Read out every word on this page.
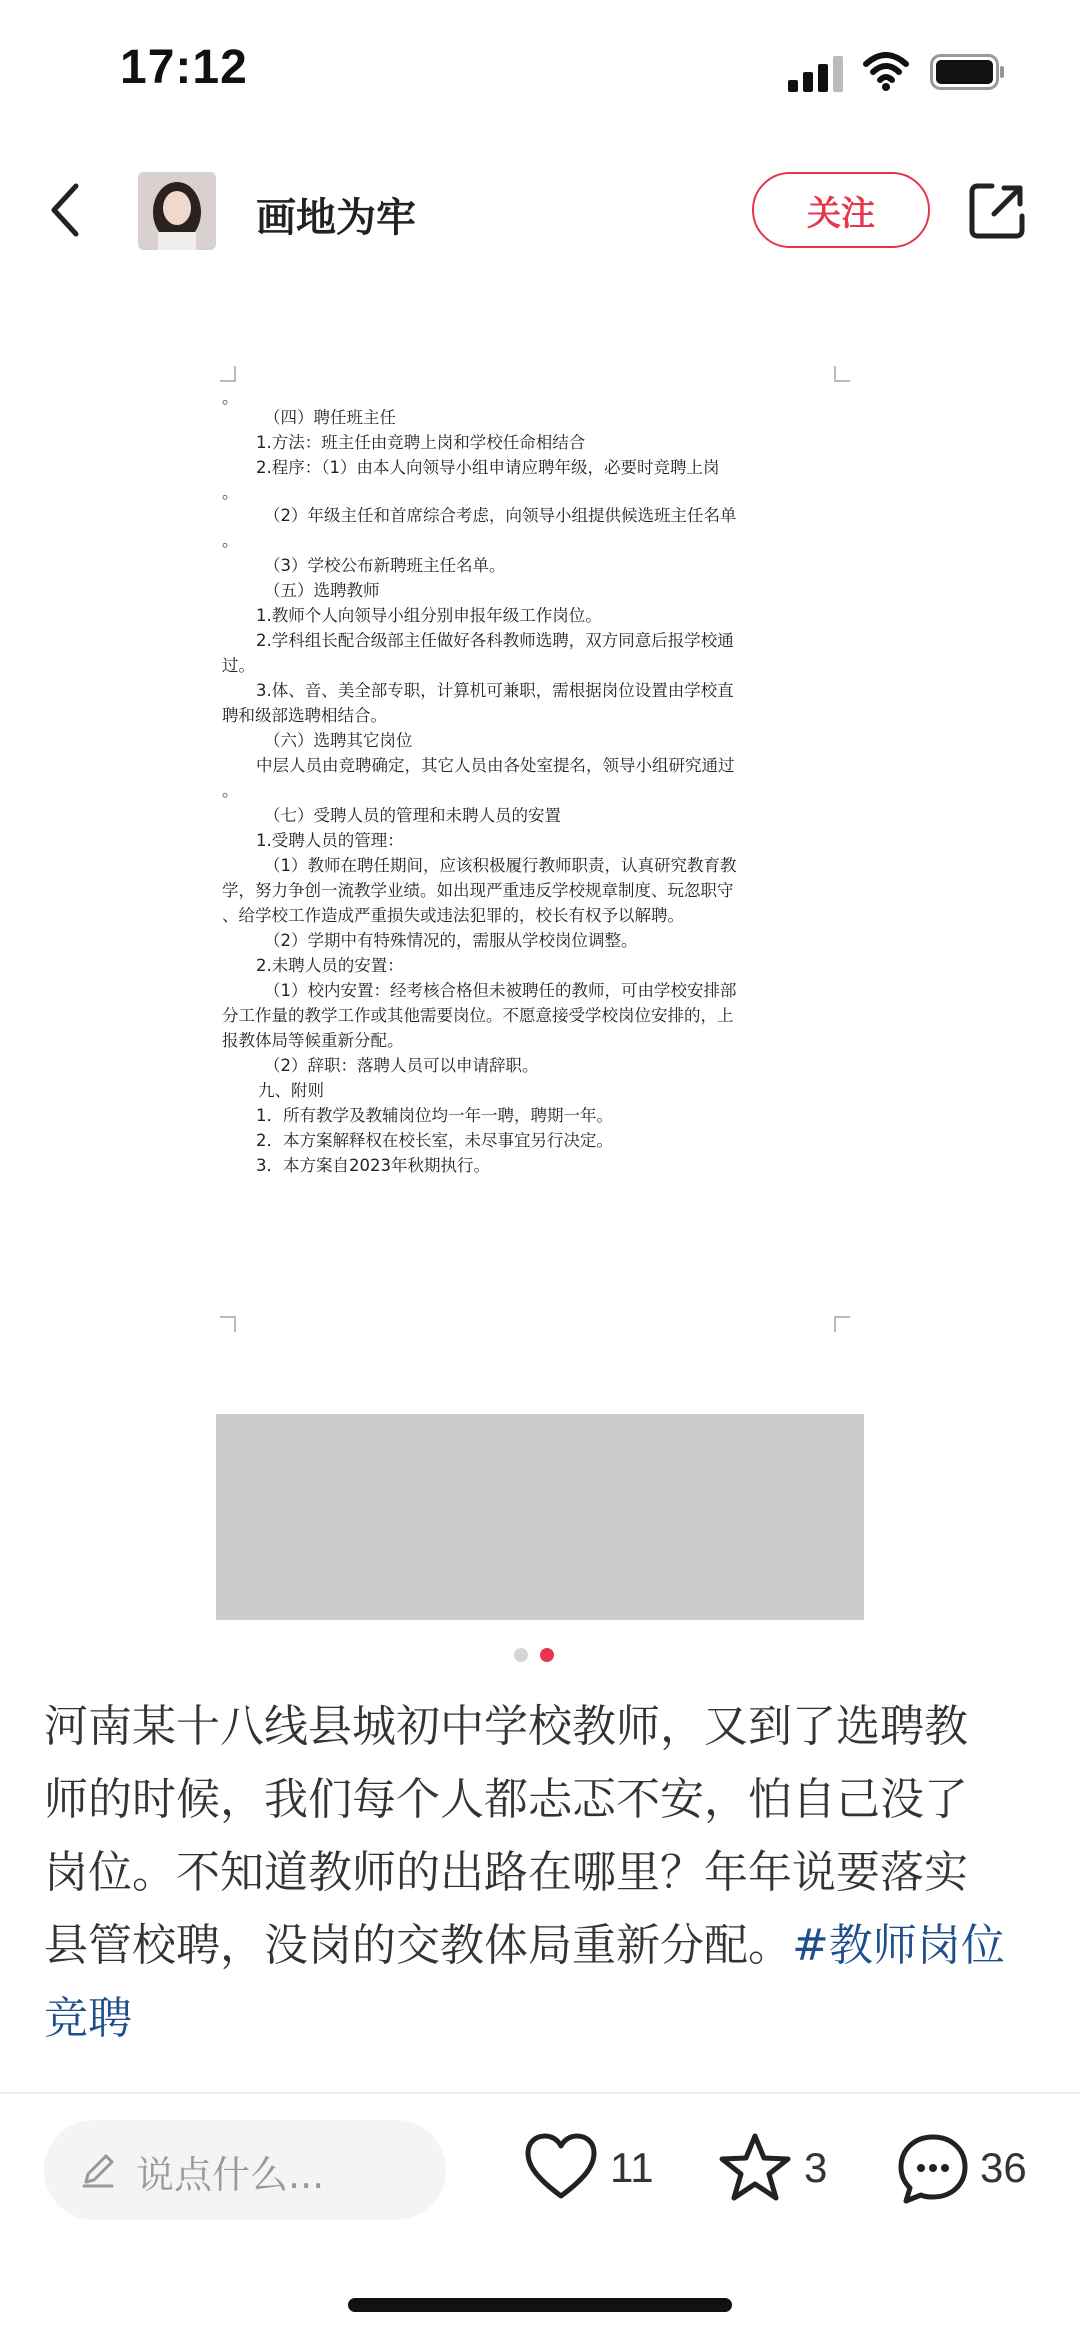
17:12
画地为牢	关注
。
（四）聘任班主任
1.方法：班主任由竞聘上岗和学校任命相结合
2.程序：（1）由本人向领导小组申请应聘年级，必要时竞聘上岗
。
（2）年级主任和首席综合考虑，向领导小组提供候选班主任名单
。
（3）学校公布新聘班主任名单。
（五）选聘教师
1.教师个人向领导小组分别申报年级工作岗位。
2.学科组长配合级部主任做好各科教师选聘，双方同意后报学校通
过。
3.体、音、美全部专职，计算机可兼职，需根据岗位设置由学校直
聘和级部选聘相结合。
（六）选聘其它岗位
中层人员由竞聘确定，其它人员由各处室提名，领导小组研究通过
。
（七）受聘人员的管理和未聘人员的安置
1.受聘人员的管理：
（1）教师在聘任期间，应该积极履行教师职责，认真研究教育教
学，努力争创一流教学业绩。如出现严重违反学校规章制度、玩忽职守
、给学校工作造成严重损失或违法犯罪的，校长有权予以解聘。
（2）学期中有特殊情况的，需服从学校岗位调整。
2.未聘人员的安置：
（1）校内安置：经考核合格但未被聘任的教师，可由学校安排部
分工作量的教学工作或其他需要岗位。不愿意接受学校岗位安排的，上
报教体局等候重新分配。
（2）辞职：落聘人员可以申请辞职。
九、附则
1．所有教学及教辅岗位均一年一聘，聘期一年。
2．本方案解释权在校长室，未尽事宜另行决定。
3．本方案自2023年秋期执行。
河南某十八线县城初中学校教师，又到了选聘教
师的时候，我们每个人都忐忑不安，怕自己没了
岗位。不知道教师的出路在哪里？年年说要落实
县管校聘，没岗的交教体局重新分配。#教师岗位
竞聘
说点什么...	11	3	36
